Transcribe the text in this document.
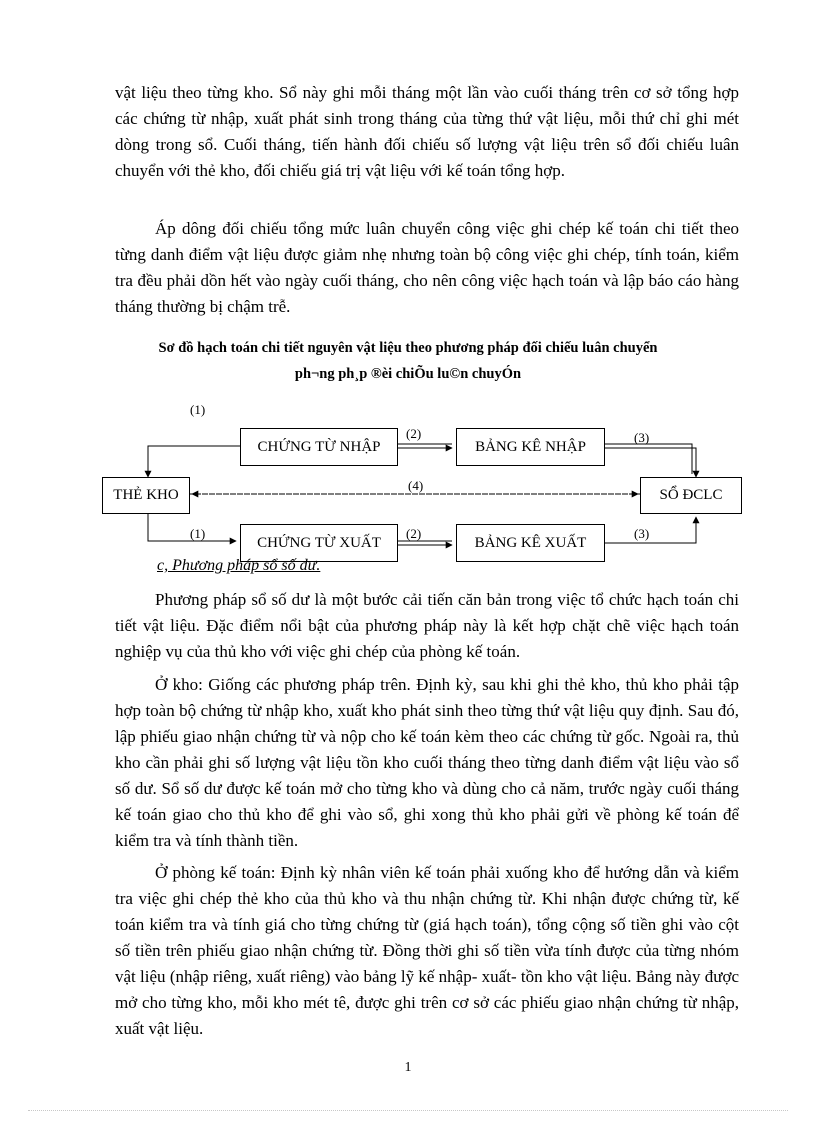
vật liệu theo từng kho. Sổ này ghi mỗi tháng một lần vào cuối tháng trên cơ sở tổng hợp các chứng từ nhập, xuất phát sinh trong tháng của từng thứ vật liệu, mỗi thứ chỉ ghi mét dòng trong sổ. Cuối tháng, tiến hành đối chiếu số lượng vật liệu trên sổ đối chiếu luân chuyển với thẻ kho, đối chiếu giá trị vật liệu với kế toán tổng hợp.

Áp dông đối chiếu tổng mức luân chuyển công việc ghi chép kế toán chi tiết theo từng danh điểm vật liệu được giảm nhẹ nhưng toàn bộ công việc ghi chép, tính toán, kiểm tra đều phải dồn hết vào ngày cuối tháng, cho nên công việc hạch toán và lập báo cáo hàng tháng thường bị chậm trễ.

Sơ đồ hạch toán chi tiết nguyên vật liệu theo phương pháp đối chiếu luân chuyển

ph¬ng ph¸p ®èi chiÕu lu©n chuyÓn

CHỨNG TỪ NHẬP	BẢNG KÊ NHẬP
THẺ KHO	SỔ ĐCLC
CHỨNG TỪ XUẤT	BẢNG KÊ XUẤT
(1)
(2)	(3)
(4)
(1)	(2)	(3)

c, Phương pháp sổ số dư.

Phương pháp sổ số dư là một bước cải tiến căn bản trong việc tổ chức hạch toán chi tiết vật liệu. Đặc điểm nổi bật của phương pháp này là kết hợp chặt chẽ việc hạch toán nghiệp vụ của thủ kho với việc ghi chép của phòng kế toán.

Ở kho: Giống các phương pháp trên. Định kỳ, sau khi ghi thẻ kho, thủ kho phải tập hợp toàn bộ chứng từ nhập kho, xuất kho phát sinh theo từng thứ vật liệu quy định. Sau đó, lập phiếu giao nhận chứng từ và nộp cho kế toán kèm theo các chứng từ gốc. Ngoài ra, thủ kho cần phải ghi số lượng vật liệu tồn kho cuối tháng theo từng danh điểm vật liệu vào sổ số dư. Sổ số dư được kế toán mở cho từng kho và dùng cho cả năm, trước ngày cuối tháng kế toán giao cho thủ kho để ghi vào sổ, ghi xong thủ kho phải gửi về phòng kế toán để kiểm tra và tính thành tiền.

Ở phòng kế toán: Định kỳ nhân viên kế toán phải xuống kho để hướng dẫn và kiểm tra việc ghi chép thẻ kho của thủ kho và thu nhận chứng từ. Khi nhận được chứng từ, kế toán kiểm tra và tính giá cho từng chứng từ (giá hạch toán), tổng cộng số tiền ghi vào cột số tiền trên phiếu giao nhận chứng từ. Đồng thời ghi số tiền vừa tính được của từng nhóm vật liệu (nhập riêng, xuất riêng) vào bảng lỹ kế nhập- xuất- tồn kho vật liệu. Bảng này được mở cho từng kho, mỗi kho mét tê, được ghi trên cơ sở các phiếu giao nhận chứng từ nhập, xuất vật liệu.

1
